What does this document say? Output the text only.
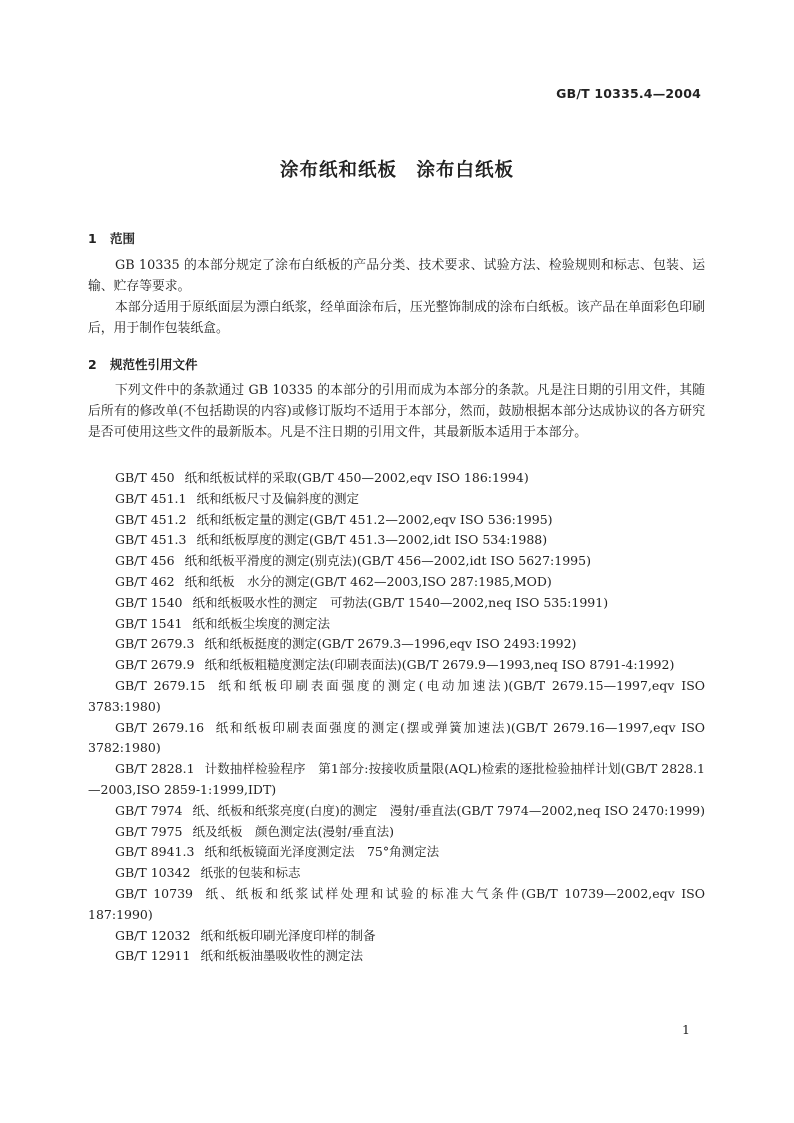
GB/T 10335.4—2004
涂布纸和纸板　涂布白纸板
1 范围

GB 10335 的本部分规定了涂布白纸板的产品分类、技术要求、试验方法、检验规则和标志、包装、运输、贮存等要求。

本部分适用于原纸面层为漂白纸浆，经单面涂布后，压光整饰制成的涂布白纸板。该产品在单面彩色印刷后，用于制作包装纸盒。

2 规范性引用文件

下列文件中的条款通过 GB 10335 的本部分的引用而成为本部分的条款。凡是注日期的引用文件，其随后所有的修改单(不包括勘误的内容)或修订版均不适用于本部分，然而，鼓励根据本部分达成协议的各方研究是否可使用这些文件的最新版本。凡是不注日期的引用文件，其最新版本适用于本部分。

GB/T 450 纸和纸板试样的采取(GB/T 450—2002,eqv ISO 186:1994)

GB/T 451.1 纸和纸板尺寸及偏斜度的测定

GB/T 451.2 纸和纸板定量的测定(GB/T 451.2—2002,eqv ISO 536:1995)

GB/T 451.3 纸和纸板厚度的测定(GB/T 451.3—2002,idt ISO 534:1988)

GB/T 456 纸和纸板平滑度的测定(别克法)(GB/T 456—2002,idt ISO 5627:1995)

GB/T 462 纸和纸板　水分的测定(GB/T 462—2003,ISO 287:1985,MOD)

GB/T 1540 纸和纸板吸水性的测定　可勃法(GB/T 1540—2002,neq ISO 535:1991)

GB/T 1541 纸和纸板尘埃度的测定法

GB/T 2679.3 纸和纸板挺度的测定(GB/T 2679.3—1996,eqv ISO 2493:1992)

GB/T 2679.9 纸和纸板粗糙度测定法(印刷表面法)(GB/T 2679.9—1993,neq ISO 8791-4:1992)

GB/T 2679.15 纸和纸板印刷表面强度的测定(电动加速法)(GB/T 2679.15—1997,eqv ISO 3783:1980)

GB/T 2679.16 纸和纸板印刷表面强度的测定(摆或弹簧加速法)(GB/T 2679.16—1997,eqv ISO 3782:1980)

GB/T 2828.1 计数抽样检验程序　第1部分:按接收质量限(AQL)检索的逐批检验抽样计划(GB/T 2828.1—2003,ISO 2859-1:1999,IDT)

GB/T 7974 纸、纸板和纸浆亮度(白度)的测定　漫射/垂直法(GB/T 7974—2002,neq ISO 2470:1999)

GB/T 7975 纸及纸板　颜色测定法(漫射/垂直法)

GB/T 8941.3 纸和纸板镜面光泽度测定法　75°角测定法

GB/T 10342 纸张的包装和标志

GB/T 10739 纸、纸板和纸浆试样处理和试验的标准大气条件(GB/T 10739—2002,eqv ISO 187:1990)

GB/T 12032 纸和纸板印刷光泽度印样的制备

GB/T 12911 纸和纸板油墨吸收性的测定法

1
